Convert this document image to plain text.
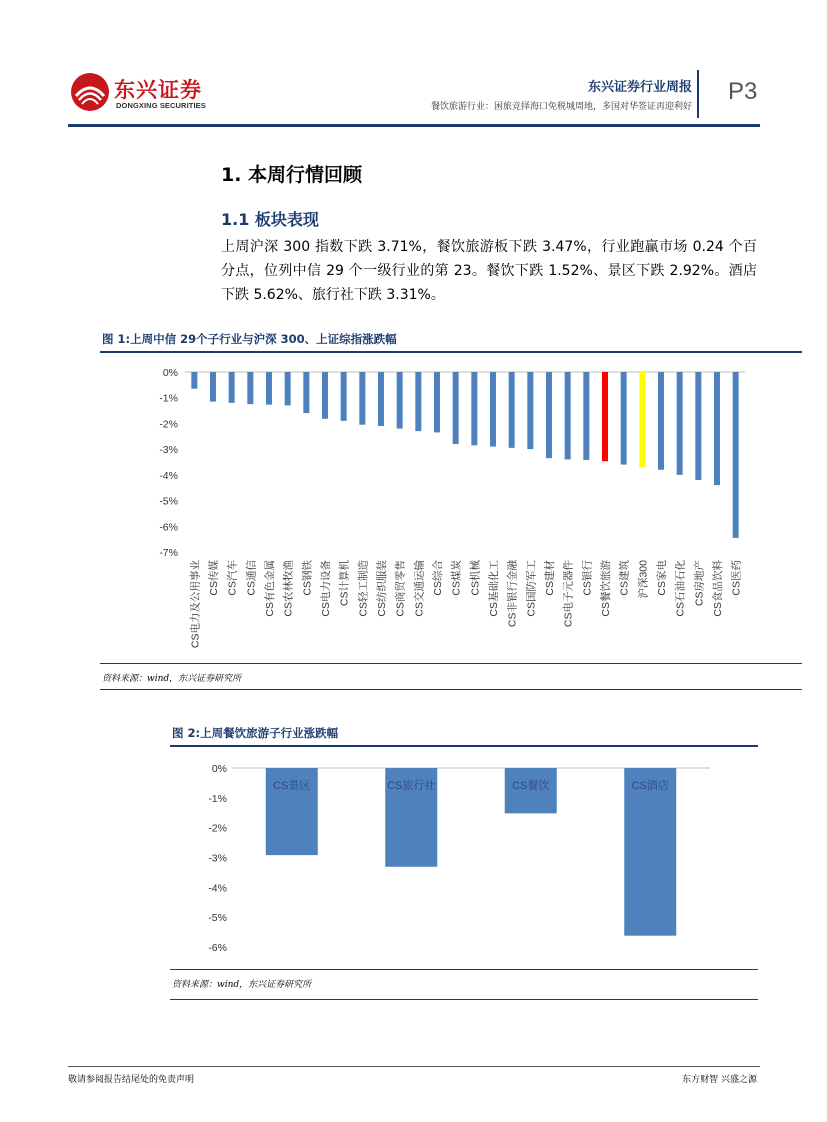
东兴证券
DONGXING SECURITIES
东兴证券行业周报
餐饮旅游行业：困旅竞择海口免税城周地，多国对华签证再迎利好
P3
1. 本周行情回顾
1.1 板块表现
上周沪深 300 指数下跌 3.71%，餐饮旅游板下跌 3.47%，行业跑赢市场 0.24 个百分点，位列中信 29 个一级行业的第 23。餐饮下跌 1.52%、景区下跌 2.92%。酒店下跌 5.62%、旅行社下跌 3.31%。
图 1:上周中信 29个子行业与沪深 300、上证综指涨跌幅
资料来源：wind，东兴证券研究所
图 2:上周餐饮旅游子行业涨跌幅
资料来源：wind，东兴证券研究所
0%
-1%
-2%
-3%
-4%
-5%
-6%
-7%
CS电力及公用事业 CS传媒 CS汽车 CS通信 CS有色金属 CS农林牧渔 CS钢铁 CS电力设备 CS计算机 CS轻工制造 CS纺织服装 CS商贸零售 CS交通运输 CS综合 CS煤炭 CS机械 CS基础化工 CS非银行金融 CS国防军工 CS建材 CS电子元器件 CS银行 CS餐饮旅游 CS建筑 沪深300 CS家电 CS石油石化 CS房地产 CS食品饮料 CS医药
0%
-1%
-2%
-3%
-4%
-5%
-6%
CS景区	CS旅行社	CS餐饮	CS酒店
敬请参阅报告结尾处的免责声明	东方财智 兴盛之源
